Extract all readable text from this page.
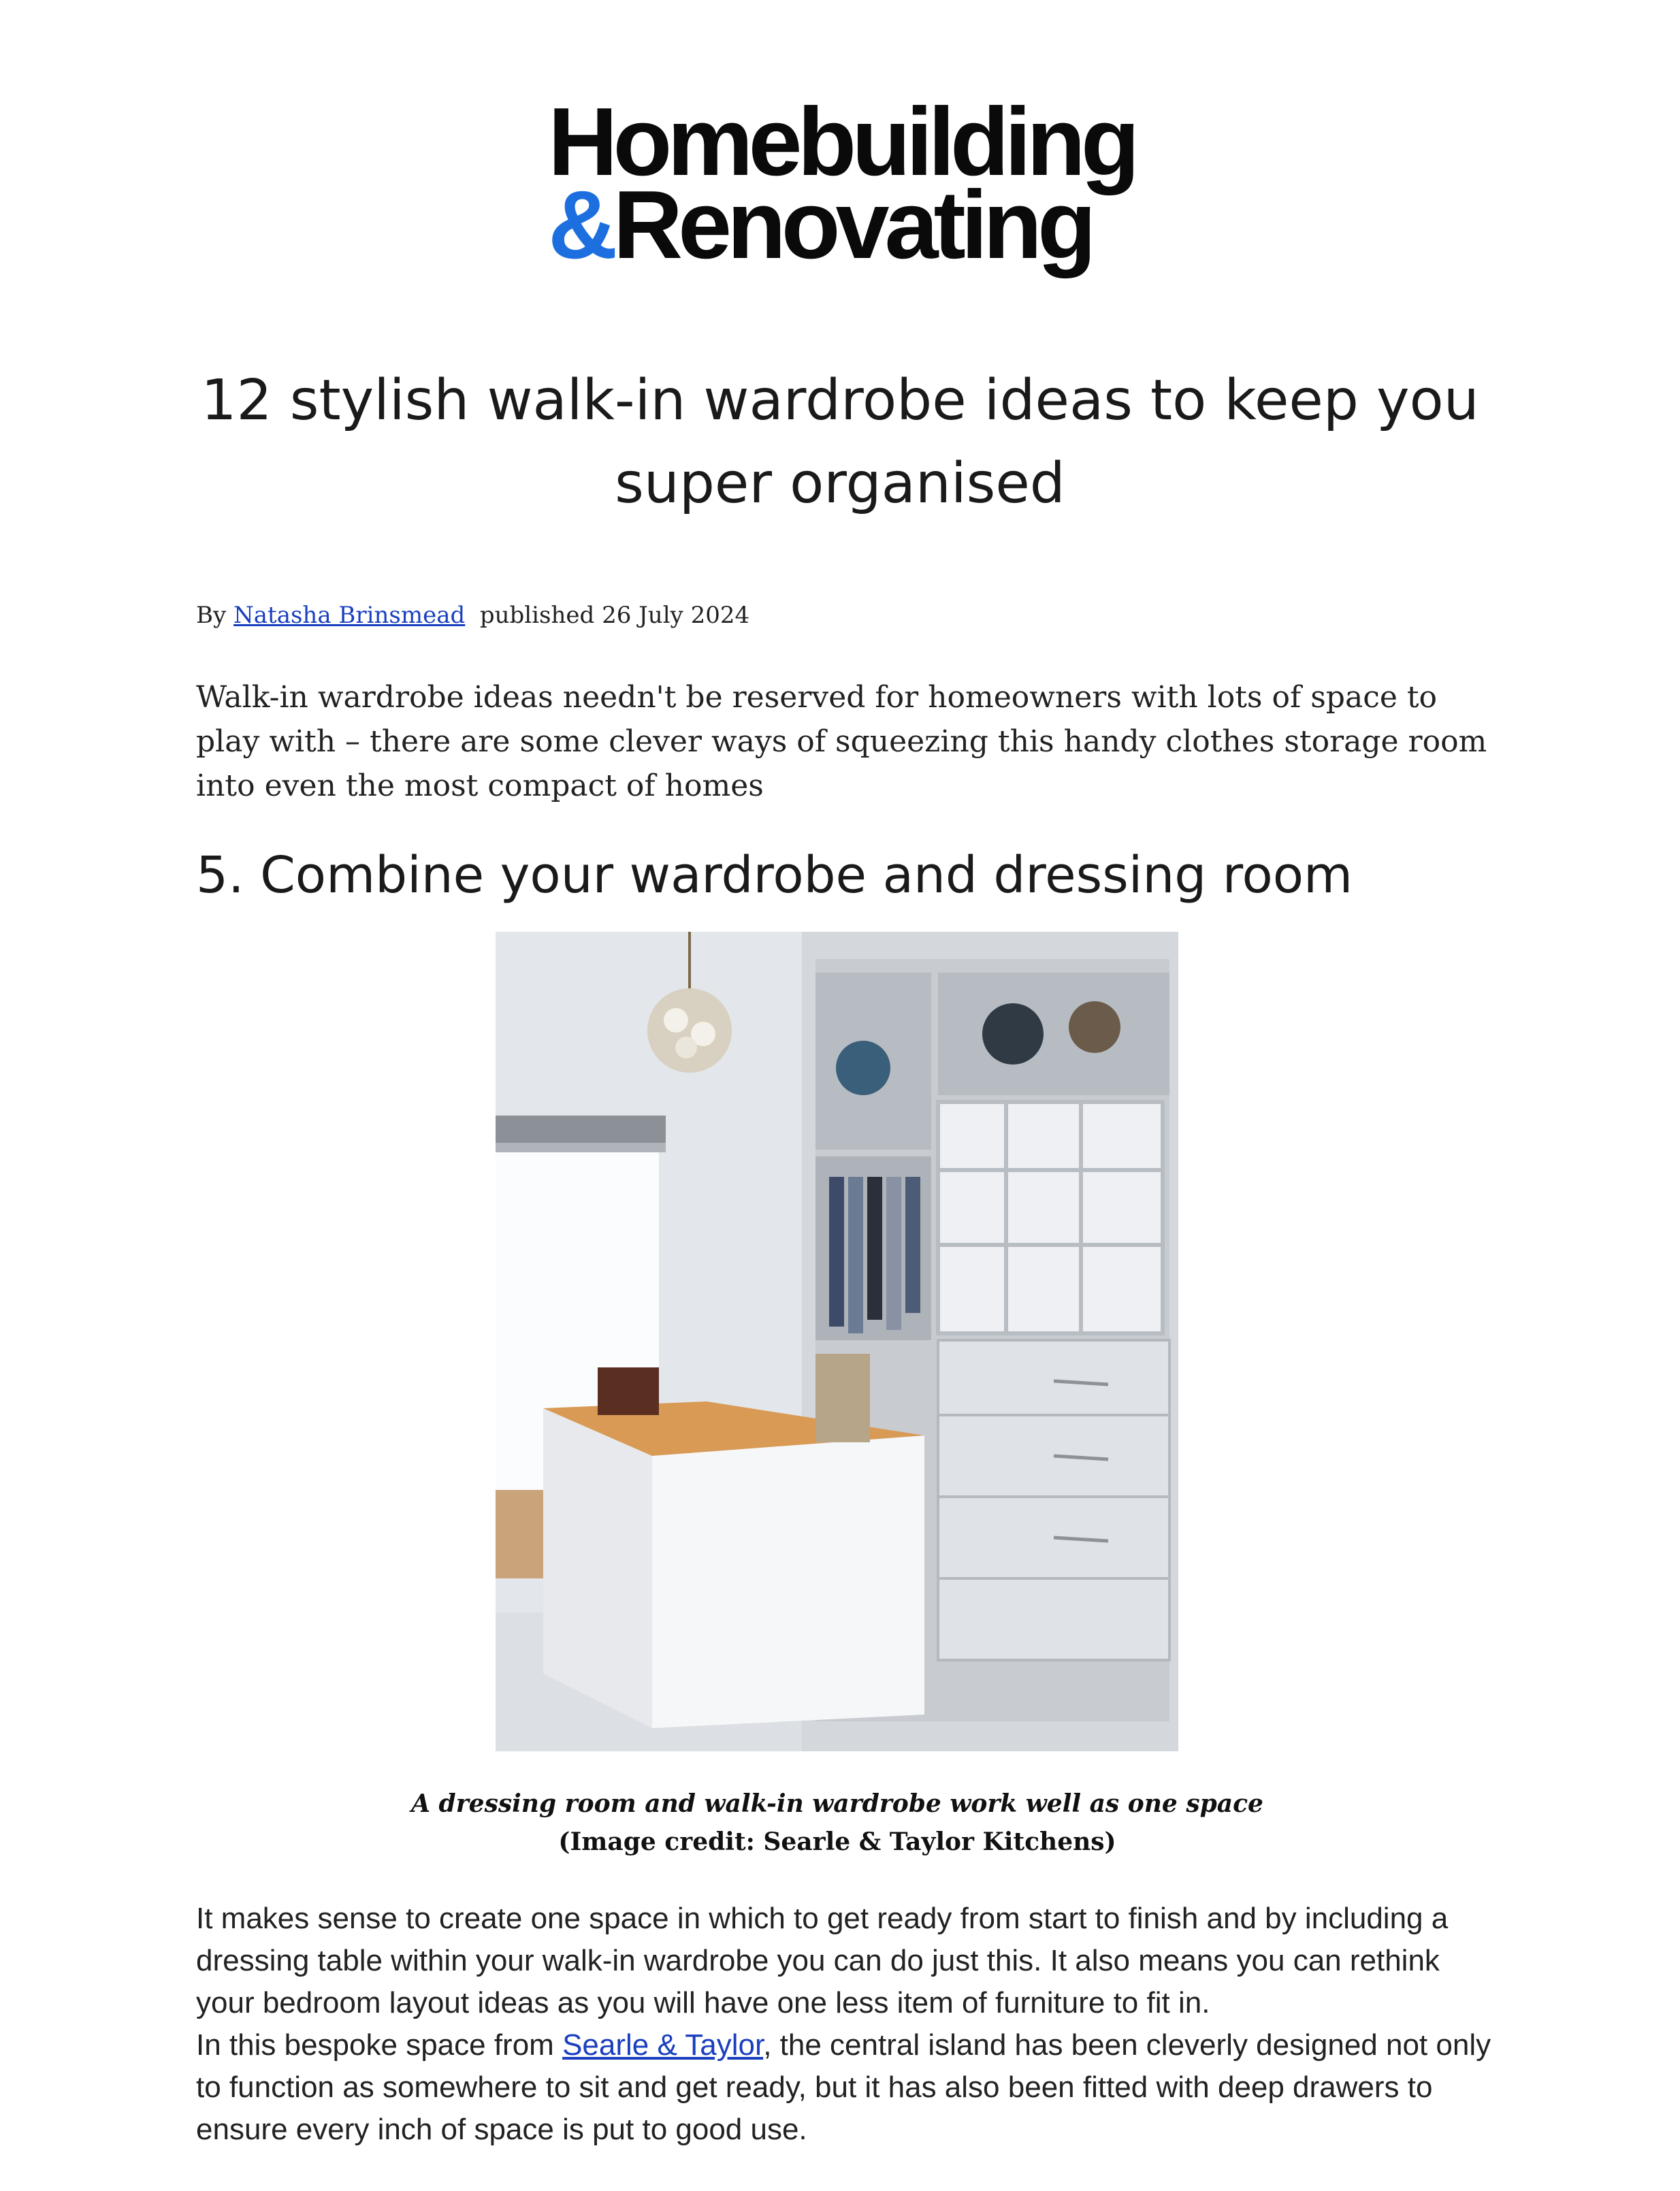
Homebuilding
&Renovating
12 stylish walk-in wardrobe ideas to keep you super organised
By Natasha Brinsmead published 26 July 2024

Walk-in wardrobe ideas needn't be reserved for homeowners with lots of space to play with – there are some clever ways of squeezing this handy clothes storage room into even the most compact of homes

5. Combine your wardrobe and dressing room
A dressing room and walk-in wardrobe work well as one space
(Image credit: Searle & Taylor Kitchens)
It makes sense to create one space in which to get ready from start to finish and by including a dressing table within your walk-in wardrobe you can do just this. It also means you can rethink your bedroom layout ideas as you will have one less item of furniture to fit in.
In this bespoke space from Searle & Taylor, the central island has been cleverly designed not only to function as somewhere to sit and get ready, but it has also been fitted with deep drawers to ensure every inch of space is put to good use.
